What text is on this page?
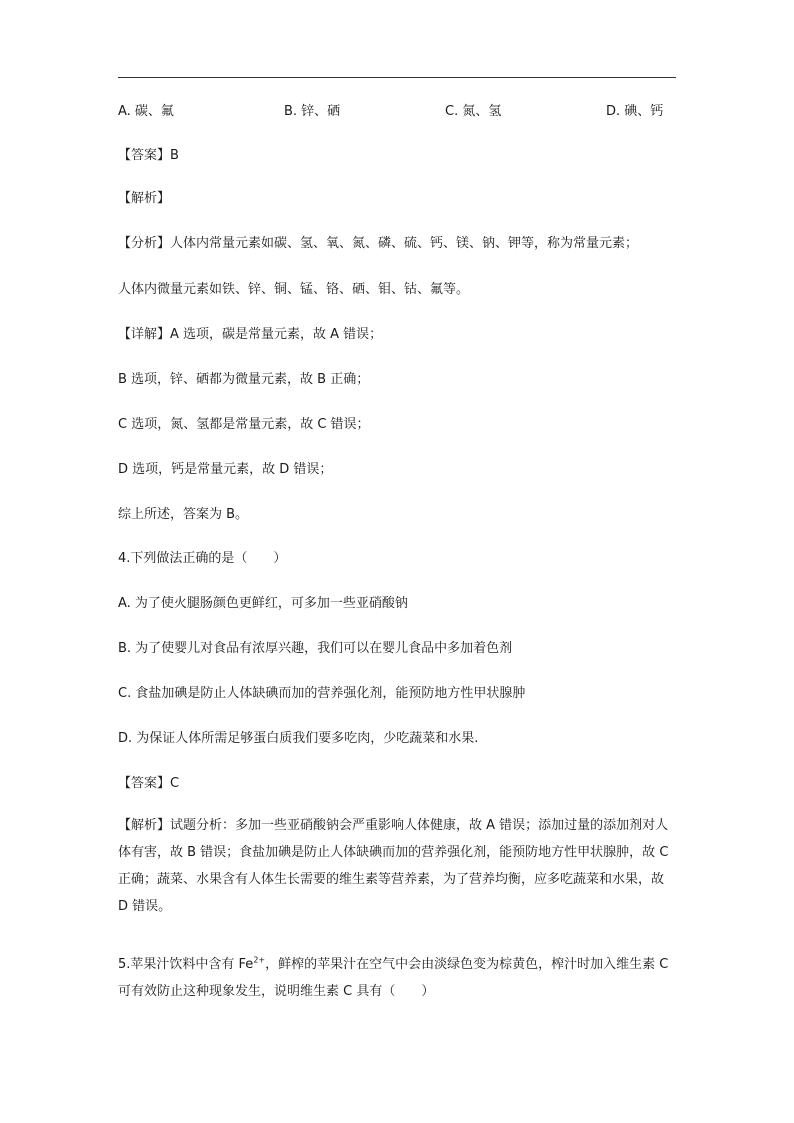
A. 碳、氟	B. 锌、硒	C. 氮、氢	D. 碘、钙
【答案】B
【解析】
【分析】人体内常量元素如碳、氢、氧、氮、磷、硫、钙、镁、钠、钾等，称为常量元素；
人体内微量元素如铁、锌、铜、锰、铬、硒、钼、钴、氟等。
【详解】A 选项，碳是常量元素，故 A 错误；
B 选项，锌、硒都为微量元素，故 B 正确；
C 选项，氮、氢都是常量元素，故 C 错误；
D 选项，钙是常量元素，故 D 错误；
综上所述，答案为 B。
4.下列做法正确的是（　　）
A. 为了使火腿肠颜色更鲜红，可多加一些亚硝酸钠
B. 为了使婴儿对食品有浓厚兴趣，我们可以在婴儿食品中多加着色剂
C. 食盐加碘是防止人体缺碘而加的营养强化剂，能预防地方性甲状腺肿
D. 为保证人体所需足够蛋白质我们要多吃肉，少吃蔬菜和水果.
【答案】C
【解析】试题分析：多加一些亚硝酸钠会严重影响人体健康，故 A 错误；添加过量的添加剂对人体有害，故 B 错误；食盐加碘是防止人体缺碘而加的营养强化剂，能预防地方性甲状腺肿，故 C 正确；蔬菜、水果含有人体生长需要的维生素等营养素，为了营养均衡，应多吃蔬菜和水果，故 D 错误。
5.苹果汁饮料中含有 $Fe^{2+}$，鲜榨的苹果汁在空气中会由淡绿色变为棕黄色，榨汁时加入维生素 C 可有效防止这种现象发生，说明维生素 C 具有（　　）
